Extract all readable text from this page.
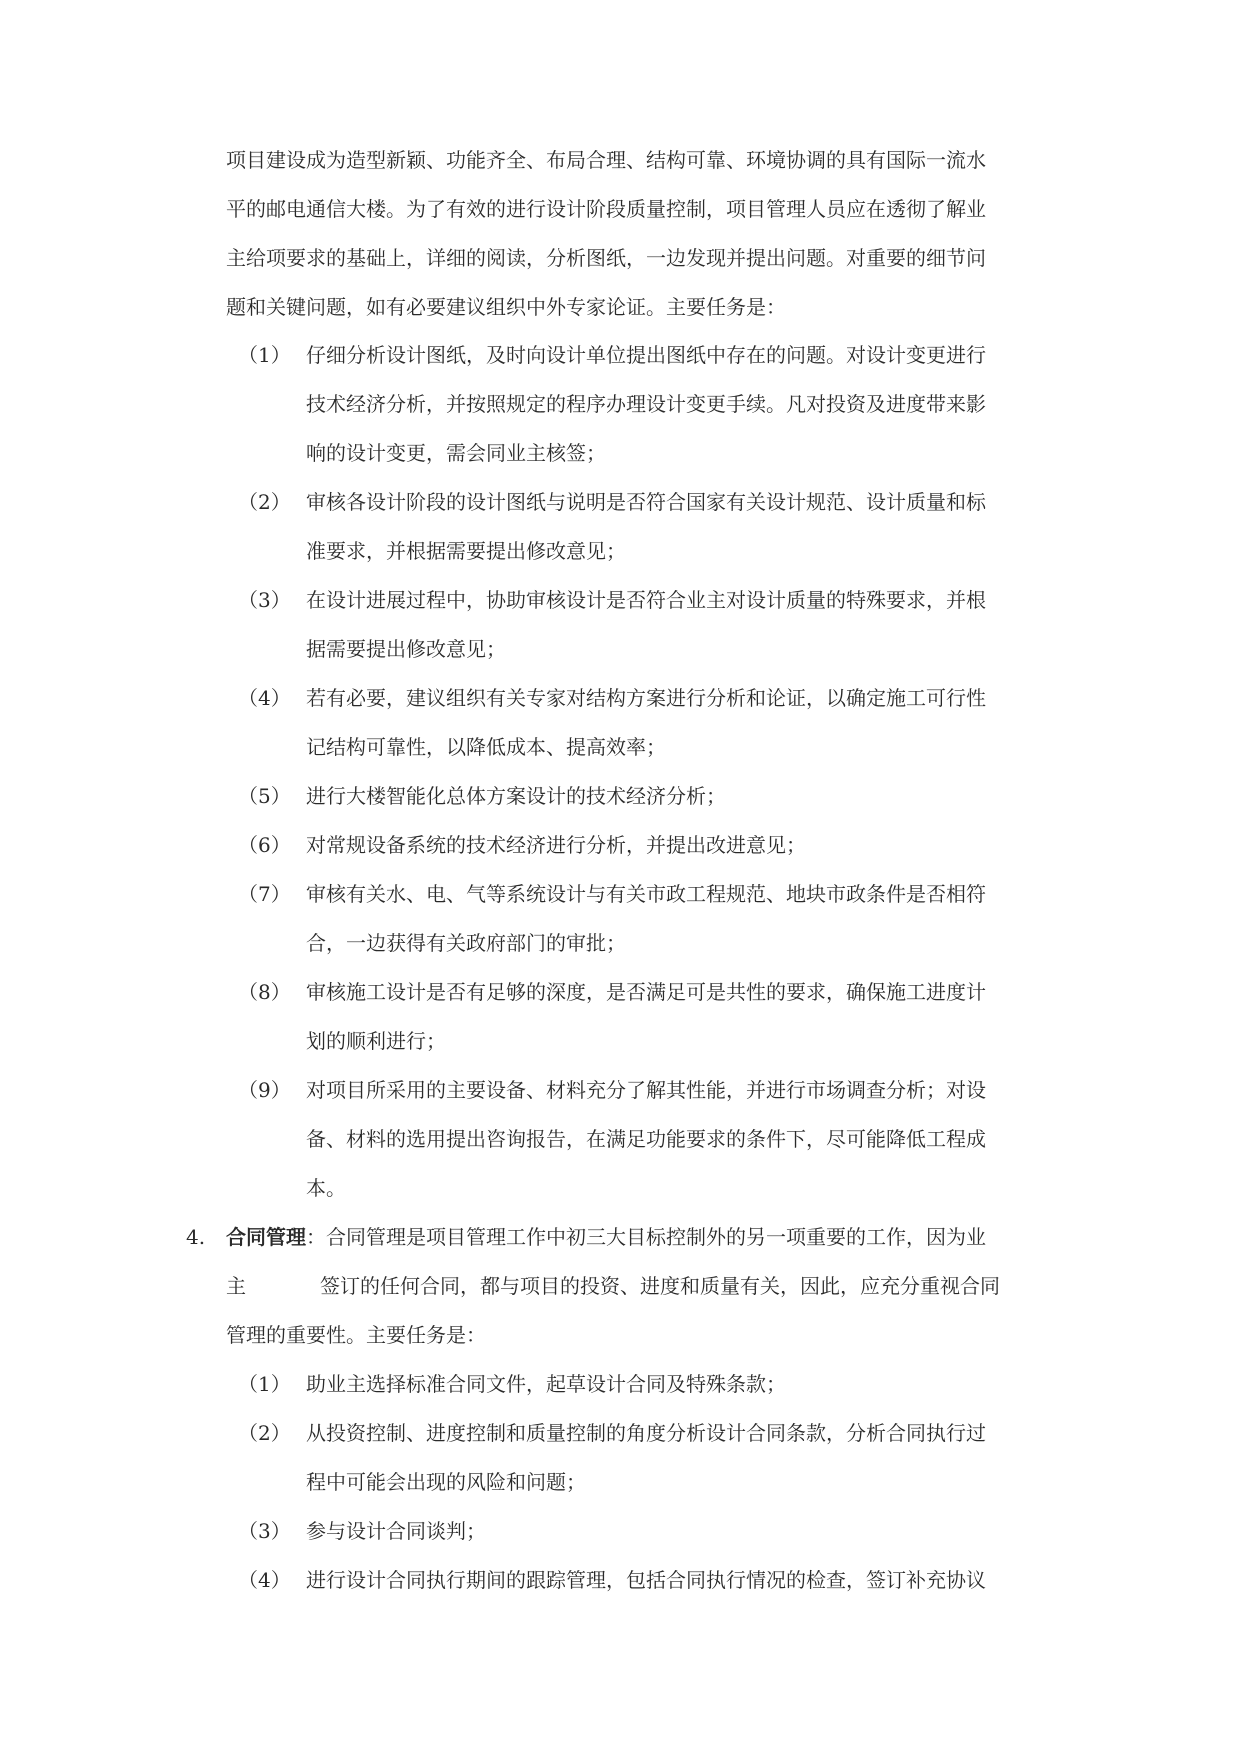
项目建设成为造型新颖、功能齐全、布局合理、结构可靠、环境协调的具有国际一流水
平的邮电通信大楼。为了有效的进行设计阶段质量控制，项目管理人员应在透彻了解业
主给项要求的基础上，详细的阅读，分析图纸，一边发现并提出问题。对重要的细节问
题和关键问题，如有必要建议组织中外专家论证。主要任务是：
（1） 仔细分析设计图纸，及时向设计单位提出图纸中存在的问题。对设计变更进行
技术经济分析，并按照规定的程序办理设计变更手续。凡对投资及进度带来影
响的设计变更，需会同业主核签；
（2） 审核各设计阶段的设计图纸与说明是否符合国家有关设计规范、设计质量和标
准要求，并根据需要提出修改意见；
（3） 在设计进展过程中，协助审核设计是否符合业主对设计质量的特殊要求，并根
据需要提出修改意见；
（4） 若有必要，建议组织有关专家对结构方案进行分析和论证，以确定施工可行性
记结构可靠性，以降低成本、提高效率；
（5） 进行大楼智能化总体方案设计的技术经济分析；
（6） 对常规设备系统的技术经济进行分析，并提出改进意见；
（7） 审核有关水、电、气等系统设计与有关市政工程规范、地块市政条件是否相符
合，一边获得有关政府部门的审批；
（8） 审核施工设计是否有足够的深度，是否满足可是共性的要求，确保施工进度计
划的顺利进行；
（9） 对项目所采用的主要设备、材料充分了解其性能，并进行市场调查分析；对设
备、材料的选用提出咨询报告，在满足功能要求的条件下，尽可能降低工程成
本。
4. 合同管理：合同管理是项目管理工作中初三大目标控制外的另一项重要的工作，因为业
主	签订的任何合同，都与项目的投资、进度和质量有关，因此，应充分重视合同
管理的重要性。主要任务是：
（1） 助业主选择标准合同文件，起草设计合同及特殊条款；
（2） 从投资控制、进度控制和质量控制的角度分析设计合同条款，分析合同执行过
程中可能会出现的风险和问题；
（3） 参与设计合同谈判；
（4） 进行设计合同执行期间的跟踪管理，包括合同执行情况的检查，签订补充协议
